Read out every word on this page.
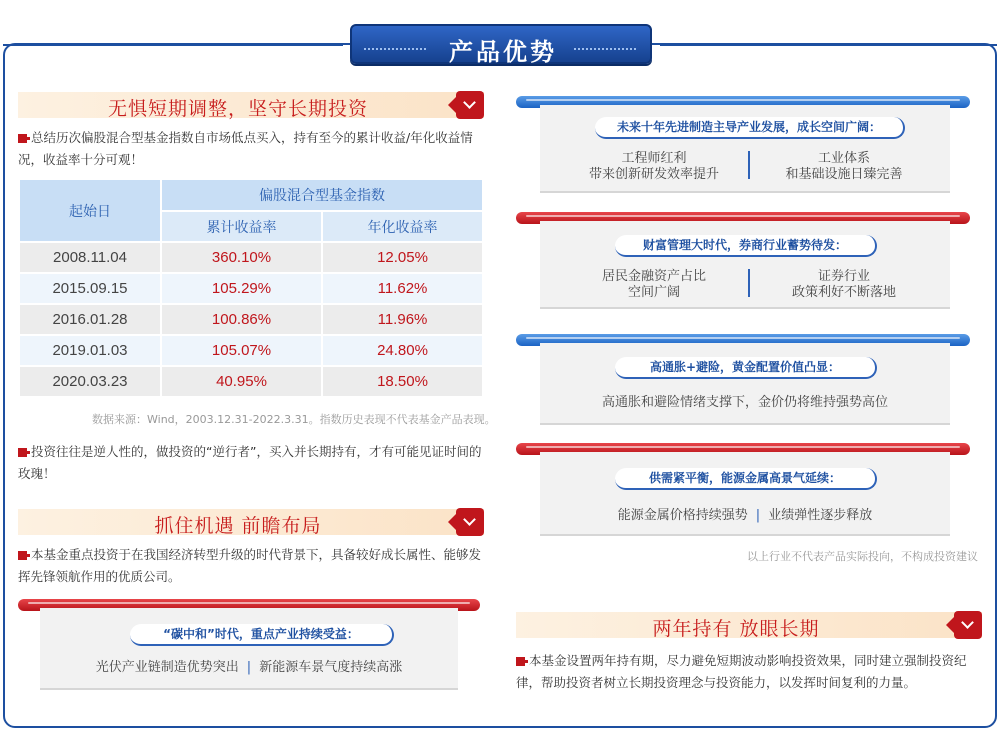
产品优势
无惧短期调整，坚守长期投资
总结历次偏股混合型基金指数自市场低点买入，持有至今的累计收益/年化收益情况，收益率十分可观！
起始日	偏股混合型基金指数	
	累计收益率	年化收益率
2008.11.04	360.10%	12.05%
2015.09.15	105.29%	11.62%
2016.01.28	100.86%	11.96%
2019.01.03	105.07%	24.80%
2020.03.23	40.95%	18.50%
数据来源：Wind，2003.12.31-2022.3.31。指数历史表现不代表基金产品表现。
投资往往是逆人性的，做投资的“逆行者”，买入并长期持有，才有可能见证时间的玫瑰！
抓住机遇 前瞻布局
本基金重点投资于在我国经济转型升级的时代背景下，具备较好成长属性、能够发挥先锋领航作用的优质公司。
“碳中和”时代，重点产业持续受益：
光伏产业链制造优势突出 | 新能源车景气度持续高涨
未来十年先进制造主导产业发展，成长空间广阔：
工程师红利
带来创新研发效率提升
工业体系
和基础设施日臻完善
财富管理大时代，券商行业蓄势待发：
居民金融资产占比
空间广阔
证券行业
政策利好不断落地
高通胀+避险，黄金配置价值凸显：
高通胀和避险情绪支撑下，金价仍将维持强势高位
供需紧平衡，能源金属高景气延续：
能源金属价格持续强势 | 业绩弹性逐步释放
以上行业不代表产品实际投向，不构成投资建议
两年持有 放眼长期
本基金设置两年持有期，尽力避免短期波动影响投资效果，同时建立强制投资纪律，帮助投资者树立长期投资理念与投资能力，以发挥时间复利的力量。
